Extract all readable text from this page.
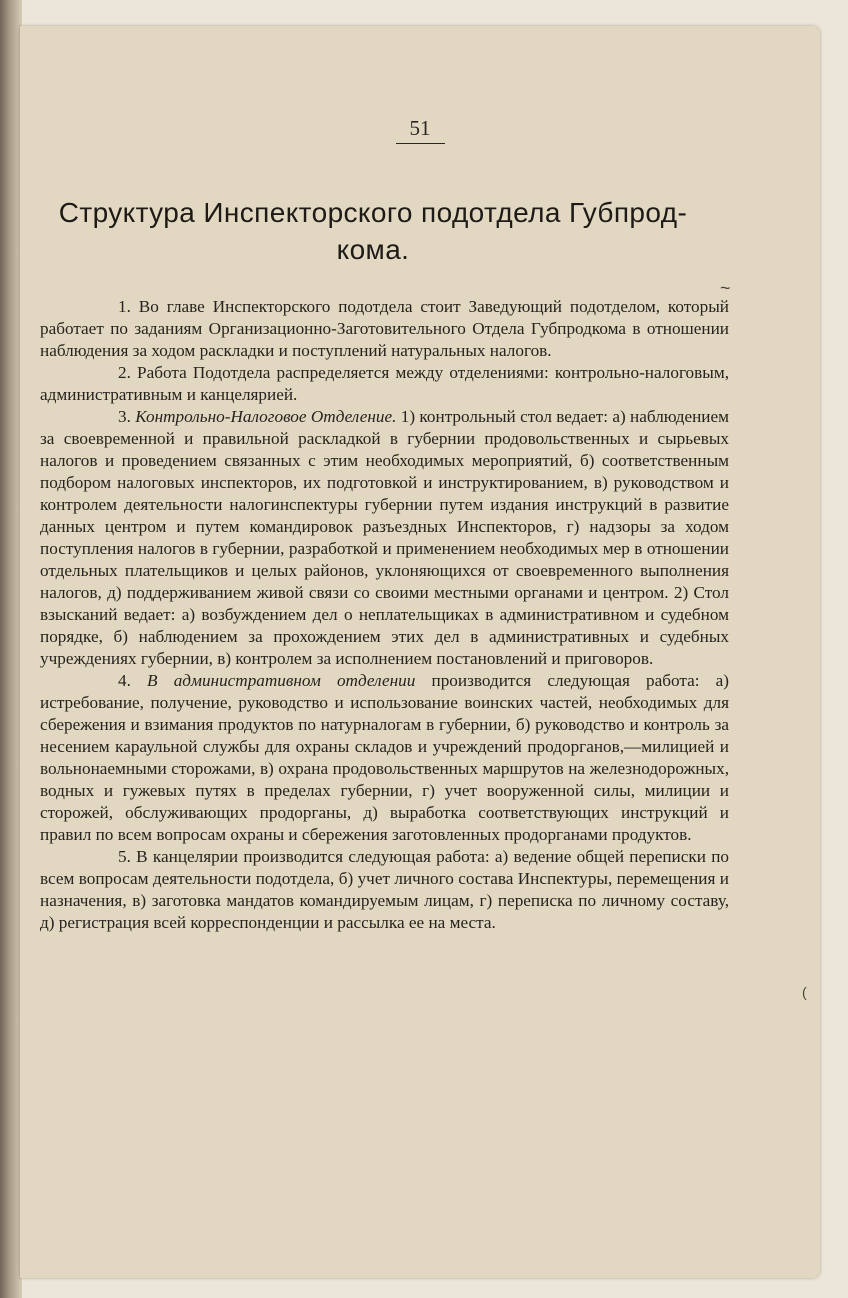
51
Структура Инспекторского подотдела Губпрод-кома.
~
(

1. Во главе Инспекторского подотдела стоит Заведующий подотделом, который работает по заданиям Организационно-Заготовительного Отдела Губпродкома в отношении наблюдения за ходом раскладки и поступлений натуральных налогов.

2. Работа Подотдела распределяется между отделениями: контрольно-налоговым, административным и канцелярией.

3. Контрольно-Налоговое Отделение. 1) контрольный стол ведает: а) наблюдением за своевременной и правильной раскладкой в губернии продовольственных и сырьевых налогов и проведением связанных с этим необходимых мероприятий, б) соответственным подбором налоговых инспекторов, их подготовкой и инструктированием, в) руководством и контролем деятельности налогинспектуры губернии путем издания инструкций в развитие данных центром и путем командировок разъездных Инспекторов, г) надзоры за ходом поступления налогов в губернии, разработкой и применением необходимых мер в отношении отдельных плательщиков и целых районов, уклоняющихся от своевременного выполнения налогов, д) поддерживанием живой связи со своими местными органами и центром. 2) Стол взысканий ведает: а) возбуждением дел о неплательщиках в административном и судебном порядке, б) наблюдением за прохождением этих дел в административных и судебных учреждениях губернии, в) контролем за исполнением постановлений и приговоров.

4. В административном отделении производится следующая работа: а) истребование, получение, руководство и использование воинских частей, необходимых для сбережения и взимания продуктов по натурналогам в губернии, б) руководство и контроль за несением караульной службы для охраны складов и учреждений продорганов,—милицией и вольнонаемными сторожами, в) охрана продовольственных маршрутов на железнодорожных, водных и гужевых путях в пределах губернии, г) учет вооруженной силы, милиции и сторожей, обслуживающих продорганы, д) выработка соответствующих инструкций и правил по всем вопросам охраны и сбережения заготовленных продорганами продуктов.

5. В канцелярии производится следующая работа: а) ведение общей переписки по всем вопросам деятельности подотдела, б) учет личного состава Инспектуры, перемещения и назначения, в) заготовка мандатов командируемым лицам, г) переписка по личному составу, д) регистрация всей корреспонденции и рассылка ее на места.
